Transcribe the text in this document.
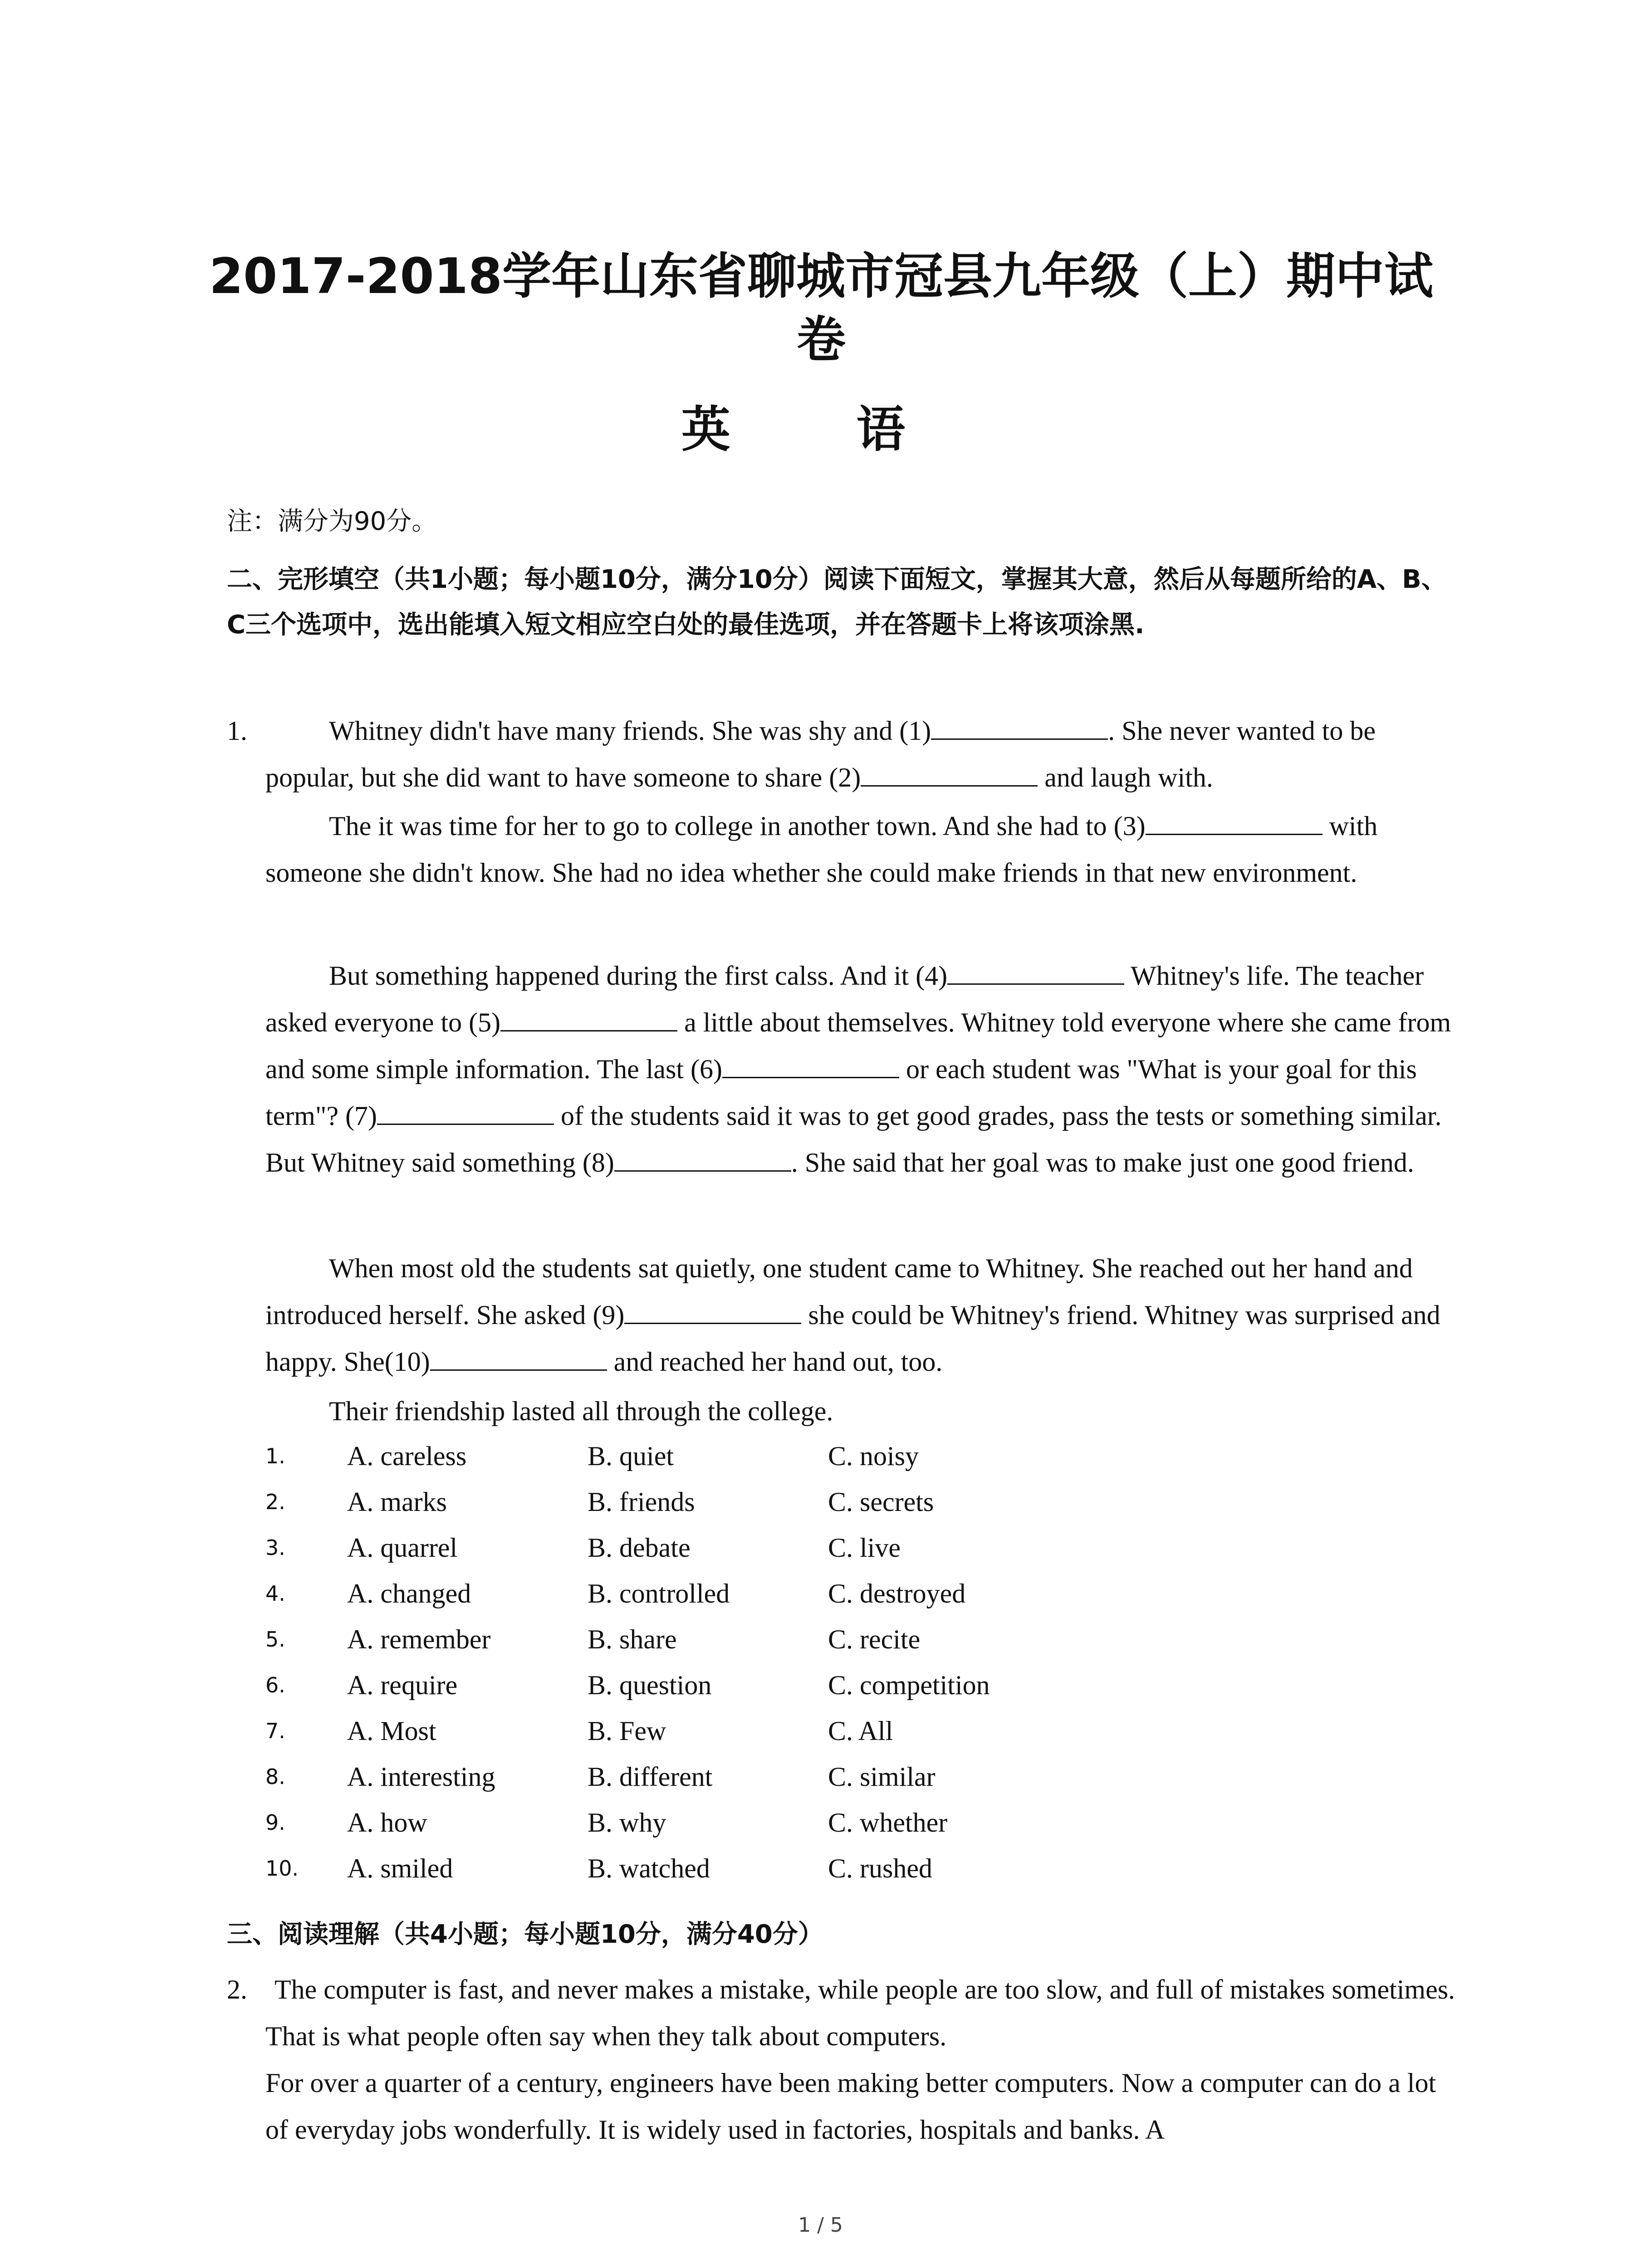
2017-2018学年山东省聊城市冠县九年级（上）期中试卷
英 语

注：满分为90分。

二、完形填空（共1小题；每小题10分，满分10分）阅读下面短文，掌握其大意，然后从每题所给的A、B、C三个选项中，选出能填入短文相应空白处的最佳选项，并在答题卡上将该项涂黑.

1.	Whitney didn't have many friends. She was shy and (1)	. She never wanted to be popular, but she did want to have someone to share (2)	and laugh with.

The it was time for her to go to college in another town. And she had to (3)	with someone she didn't know. She had no idea whether she could make friends in that new environment.

But something happened during the first calss. And it (4)	Whitney's life. The teacher asked everyone to (5)	a little about themselves. Whitney told everyone where she came from and some simple information. The last (6)	or each student was "What is your goal for this term"? (7)	of the students said it was to get good grades, pass the tests or something similar. But Whitney said something (8)	. She said that her goal was to make just one good friend.

When most old the students sat quietly, one student came to Whitney. She reached out her hand and introduced herself. She asked (9)	she could be Whitney's friend. Whitney was surprised and happy. She(10)	and reached her hand out, too.

Their friendship lasted all through the college.

1. A. careless	B. quiet	C. noisy
2. A. marks	B. friends	C. secrets
3. A. quarrel	B. debate	C. live
4. A. changed	B. controlled	C. destroyed
5. A. remember	B. share	C. recite
6. A. require	B. question	C. competition
7. A. Most	B. Few	C. All
8. A. interesting	B. different	C. similar
9. A. how	B. why	C. whether
10. A. smiled	B. watched	C. rushed

三、阅读理解（共4小题；每小题10分，满分40分）

2.	The computer is fast, and never makes a mistake, while people are too slow, and full of mistakes sometimes. That is what people often say when they talk about computers.

For over a quarter of a century, engineers have been making better computers. Now a computer can do a lot of everyday jobs wonderfully. It is widely used in factories, hospitals and banks. A

1 / 5
